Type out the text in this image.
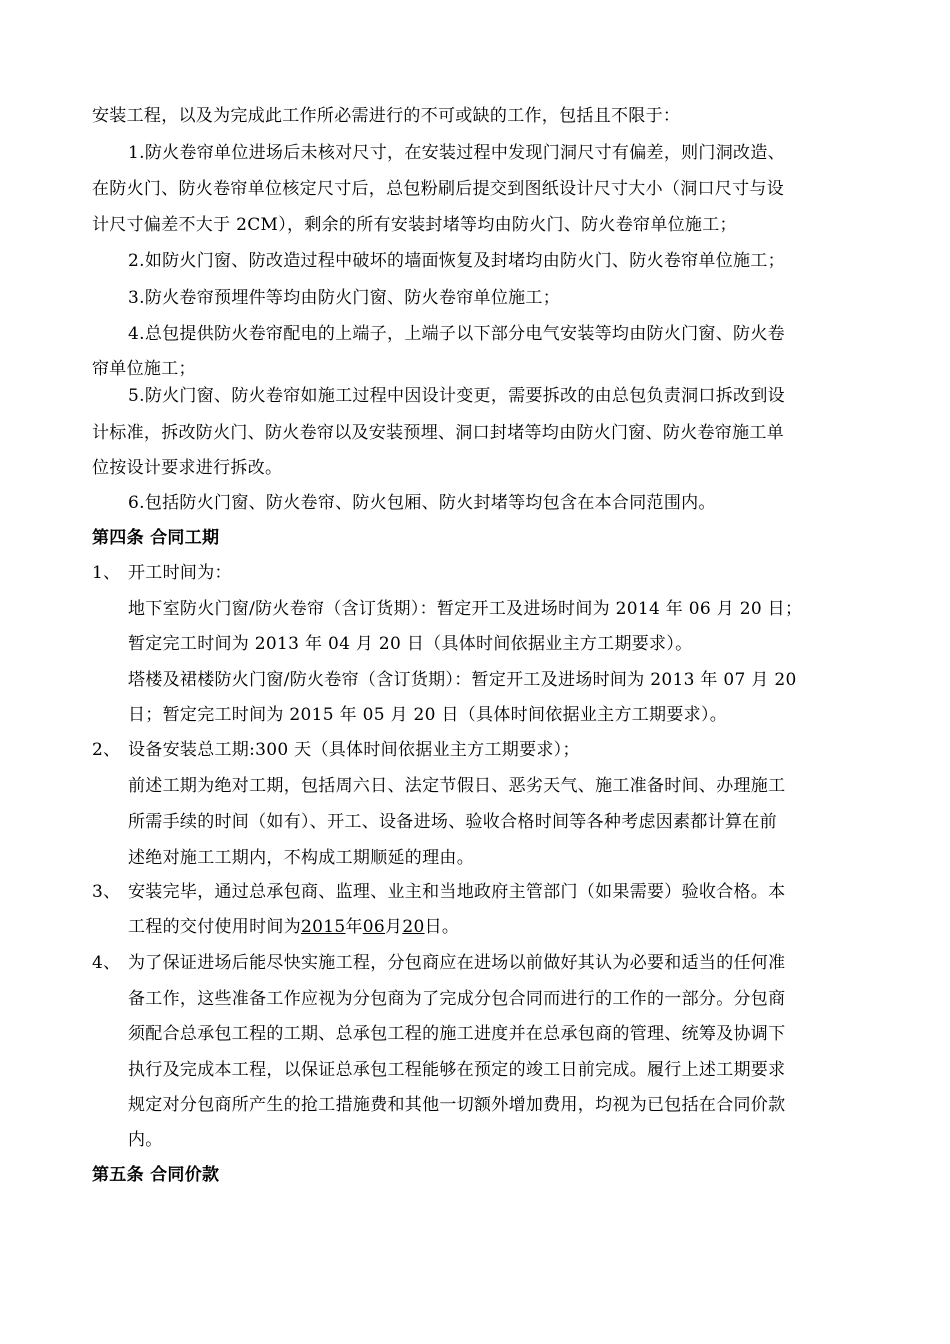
安装工程，以及为完成此工作所必需进行的不可或缺的工作，包括且不限于：
1.防火卷帘单位进场后未核对尺寸，在安装过程中发现门洞尺寸有偏差，则门洞改造、
在防火门、防火卷帘单位核定尺寸后，总包粉刷后提交到图纸设计尺寸大小（洞口尺寸与设
计尺寸偏差不大于 2CM），剩余的所有安装封堵等均由防火门、防火卷帘单位施工；
2.如防火门窗、防改造过程中破坏的墙面恢复及封堵均由防火门、防火卷帘单位施工；
3.防火卷帘预埋件等均由防火门窗、防火卷帘单位施工；
4.总包提供防火卷帘配电的上端子，上端子以下部分电气安装等均由防火门窗、防火卷
帘单位施工；
5.防火门窗、防火卷帘如施工过程中因设计变更，需要拆改的由总包负责洞口拆改到设
计标准，拆改防火门、防火卷帘以及安装预埋、洞口封堵等均由防火门窗、防火卷帘施工单
位按设计要求进行拆改。
6.包括防火门窗、防火卷帘、防火包厢、防火封堵等均包含在本合同范围内。
第四条 合同工期
1、 开工时间为：
地下室防火门窗/防火卷帘（含订货期）：暂定开工及进场时间为 2014 年 06 月 20 日；
暂定完工时间为 2013 年 04 月 20 日（具体时间依据业主方工期要求）。
塔楼及裙楼防火门窗/防火卷帘（含订货期）：暂定开工及进场时间为 2013 年 07 月 20
日；暂定完工时间为 2015 年 05 月 20 日（具体时间依据业主方工期要求）。
2、 设备安装总工期:300 天（具体时间依据业主方工期要求）；
前述工期为绝对工期，包括周六日、法定节假日、恶劣天气、施工准备时间、办理施工
所需手续的时间（如有）、开工、设备进场、验收合格时间等各种考虑因素都计算在前
述绝对施工工期内，不构成工期顺延的理由。
3、 安装完毕，通过总承包商、监理、业主和当地政府主管部门（如果需要）验收合格。本
工程的交付使用时间为2015年06月20日。
4、 为了保证进场后能尽快实施工程，分包商应在进场以前做好其认为必要和适当的任何准
备工作，这些准备工作应视为分包商为了完成分包合同而进行的工作的一部分。分包商
须配合总承包工程的工期、总承包工程的施工进度并在总承包商的管理、统筹及协调下
执行及完成本工程，以保证总承包工程能够在预定的竣工日前完成。履行上述工期要求
规定对分包商所产生的抢工措施费和其他一切额外增加费用，均视为已包括在合同价款
内。
第五条 合同价款
